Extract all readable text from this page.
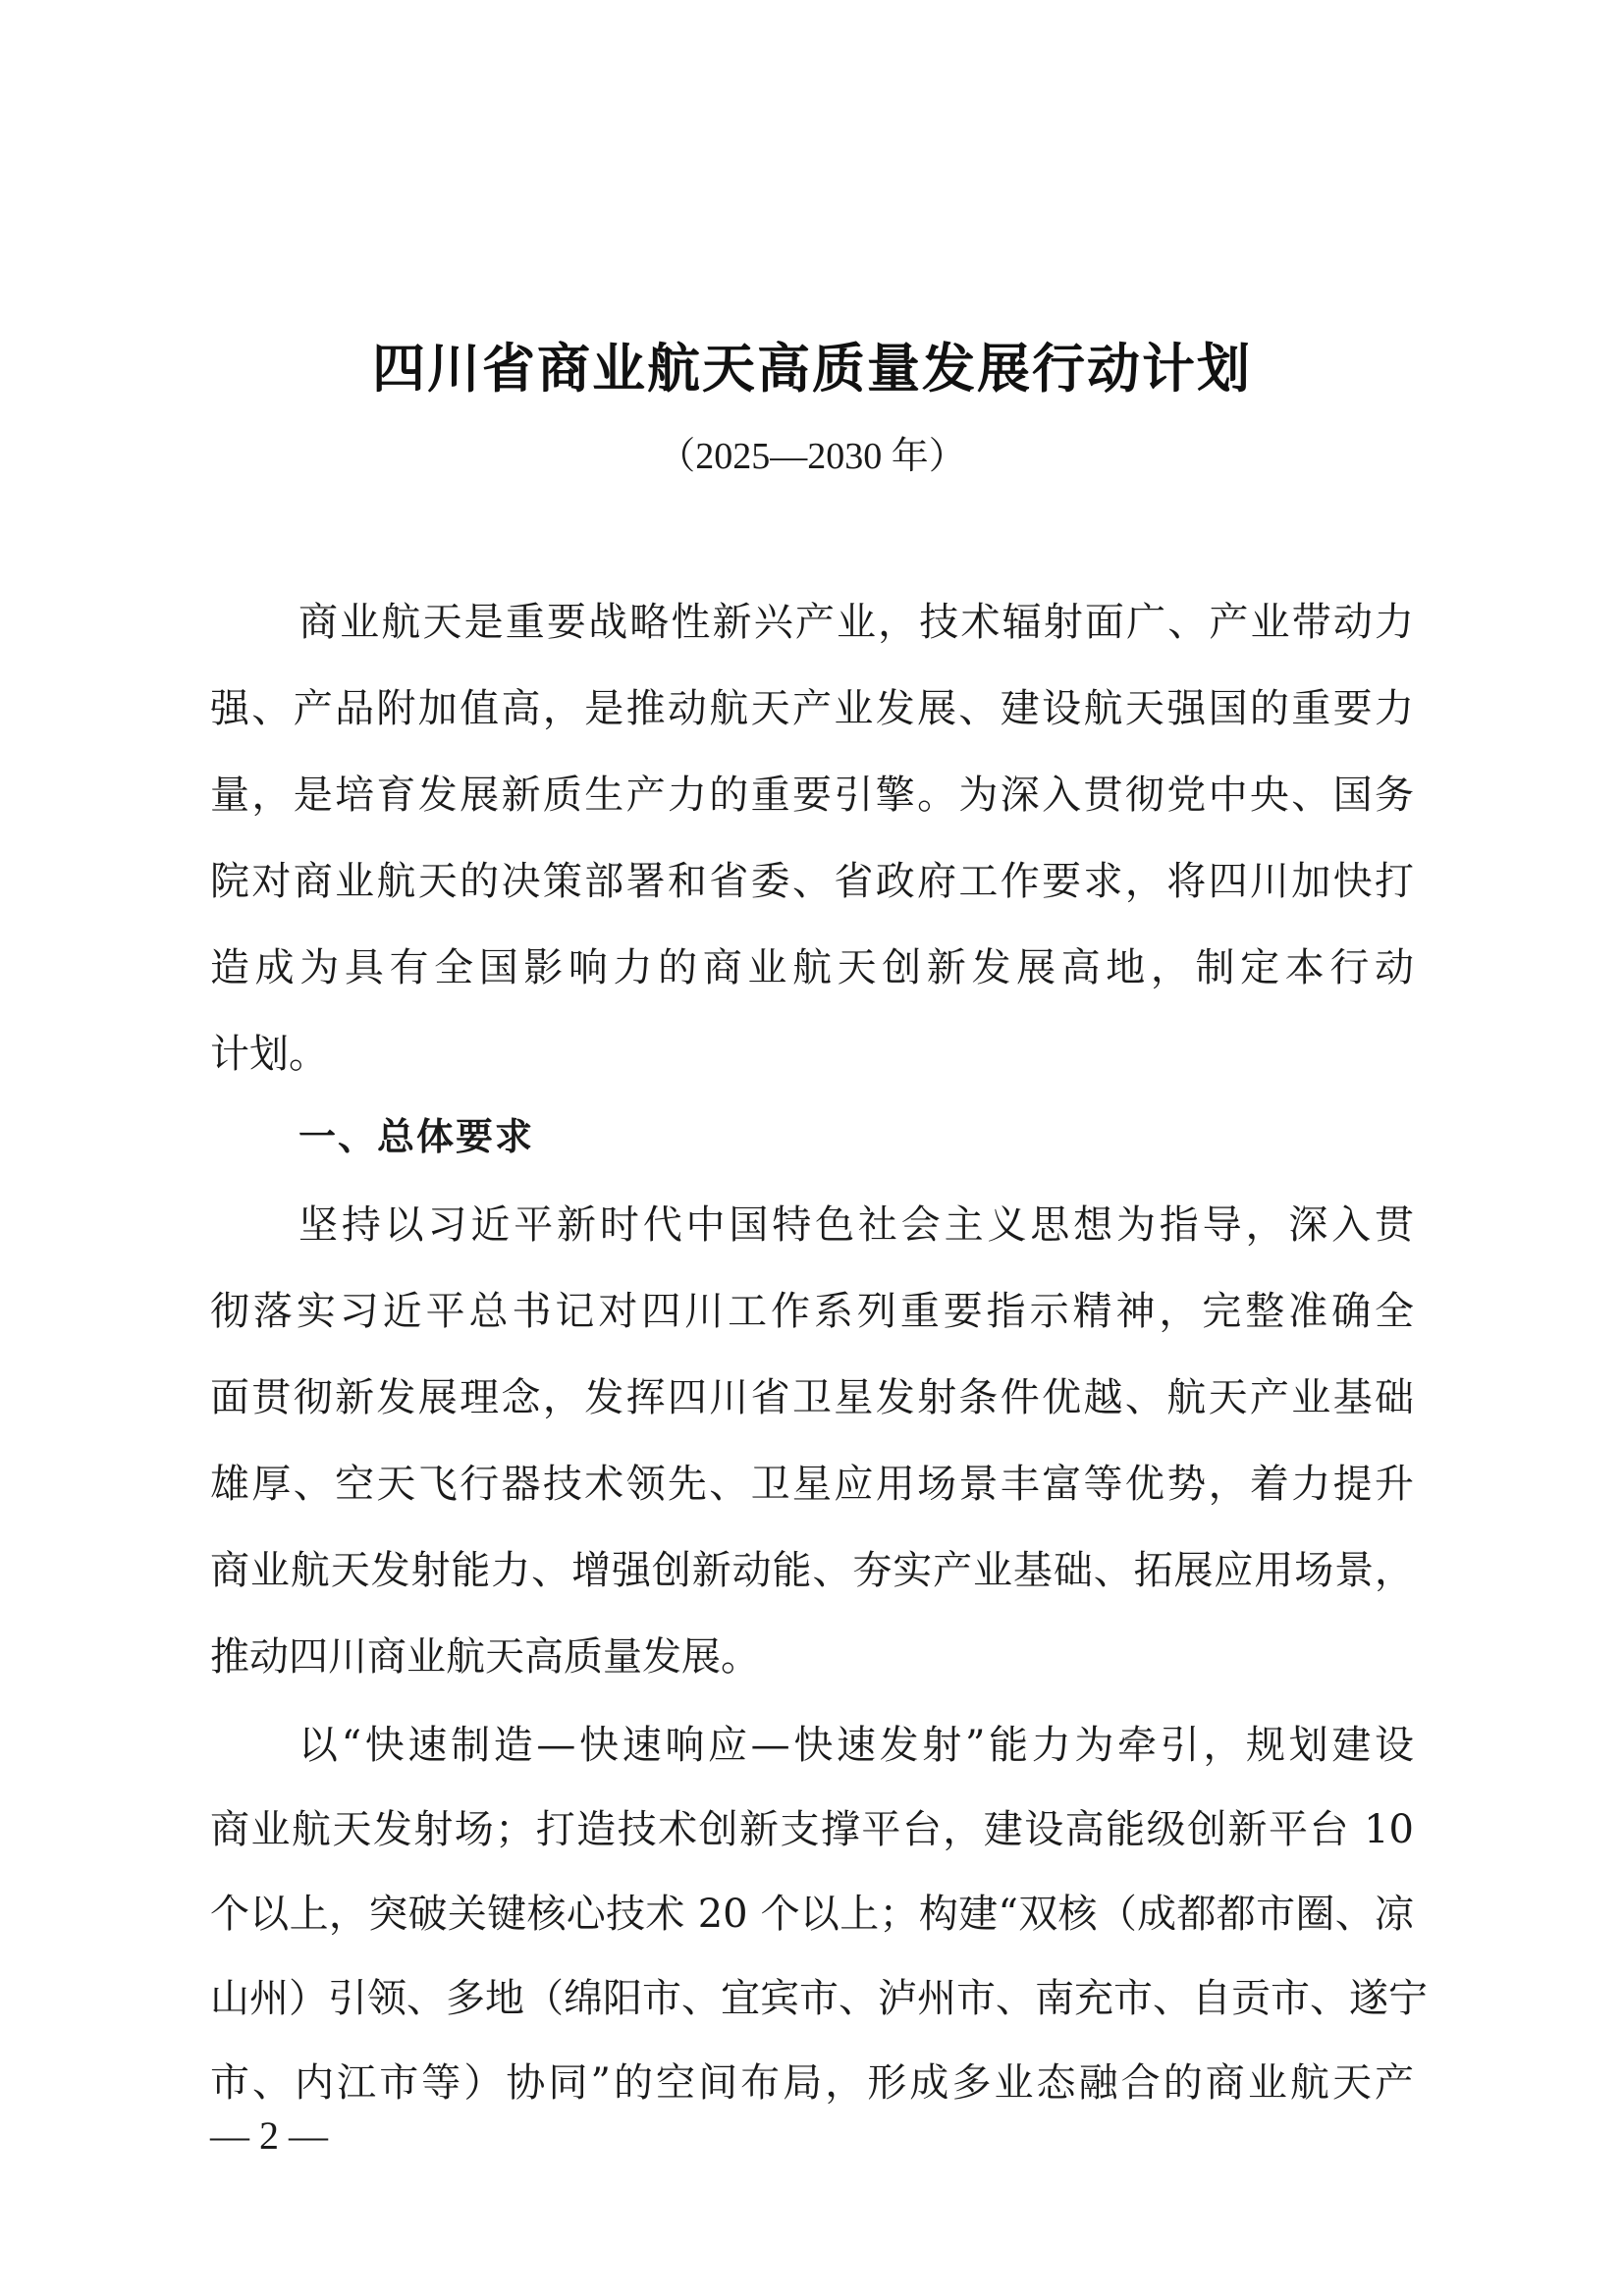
四川省商业航天高质量发展行动计划
（2025—2030 年）
商业航天是重要战略性新兴产业，技术辐射面广、产业带动力
强、产品附加值高，是推动航天产业发展、建设航天强国的重要力
量，是培育发展新质生产力的重要引擎。为深入贯彻党中央、国务
院对商业航天的决策部署和省委、省政府工作要求，将四川加快打
造成为具有全国影响力的商业航天创新发展高地，制定本行动
计划。
一、总体要求
坚持以习近平新时代中国特色社会主义思想为指导，深入贯
彻落实习近平总书记对四川工作系列重要指示精神，完整准确全
面贯彻新发展理念，发挥四川省卫星发射条件优越、航天产业基础
雄厚、空天飞行器技术领先、卫星应用场景丰富等优势，着力提升
商业航天发射能力、增强创新动能、夯实产业基础、拓展应用场景，
推动四川商业航天高质量发展。
以“快速制造—快速响应—快速发射”能力为牵引，规划建设
商业航天发射场；打造技术创新支撑平台，建设高能级创新平台 10
个以上，突破关键核心技术 20 个以上；构建“双核（成都都市圈、凉
山州）引领、多地（绵阳市、宜宾市、泸州市、南充市、自贡市、遂宁
市、内江市等）协同”的空间布局，形成多业态融合的商业航天产
— 2 —
